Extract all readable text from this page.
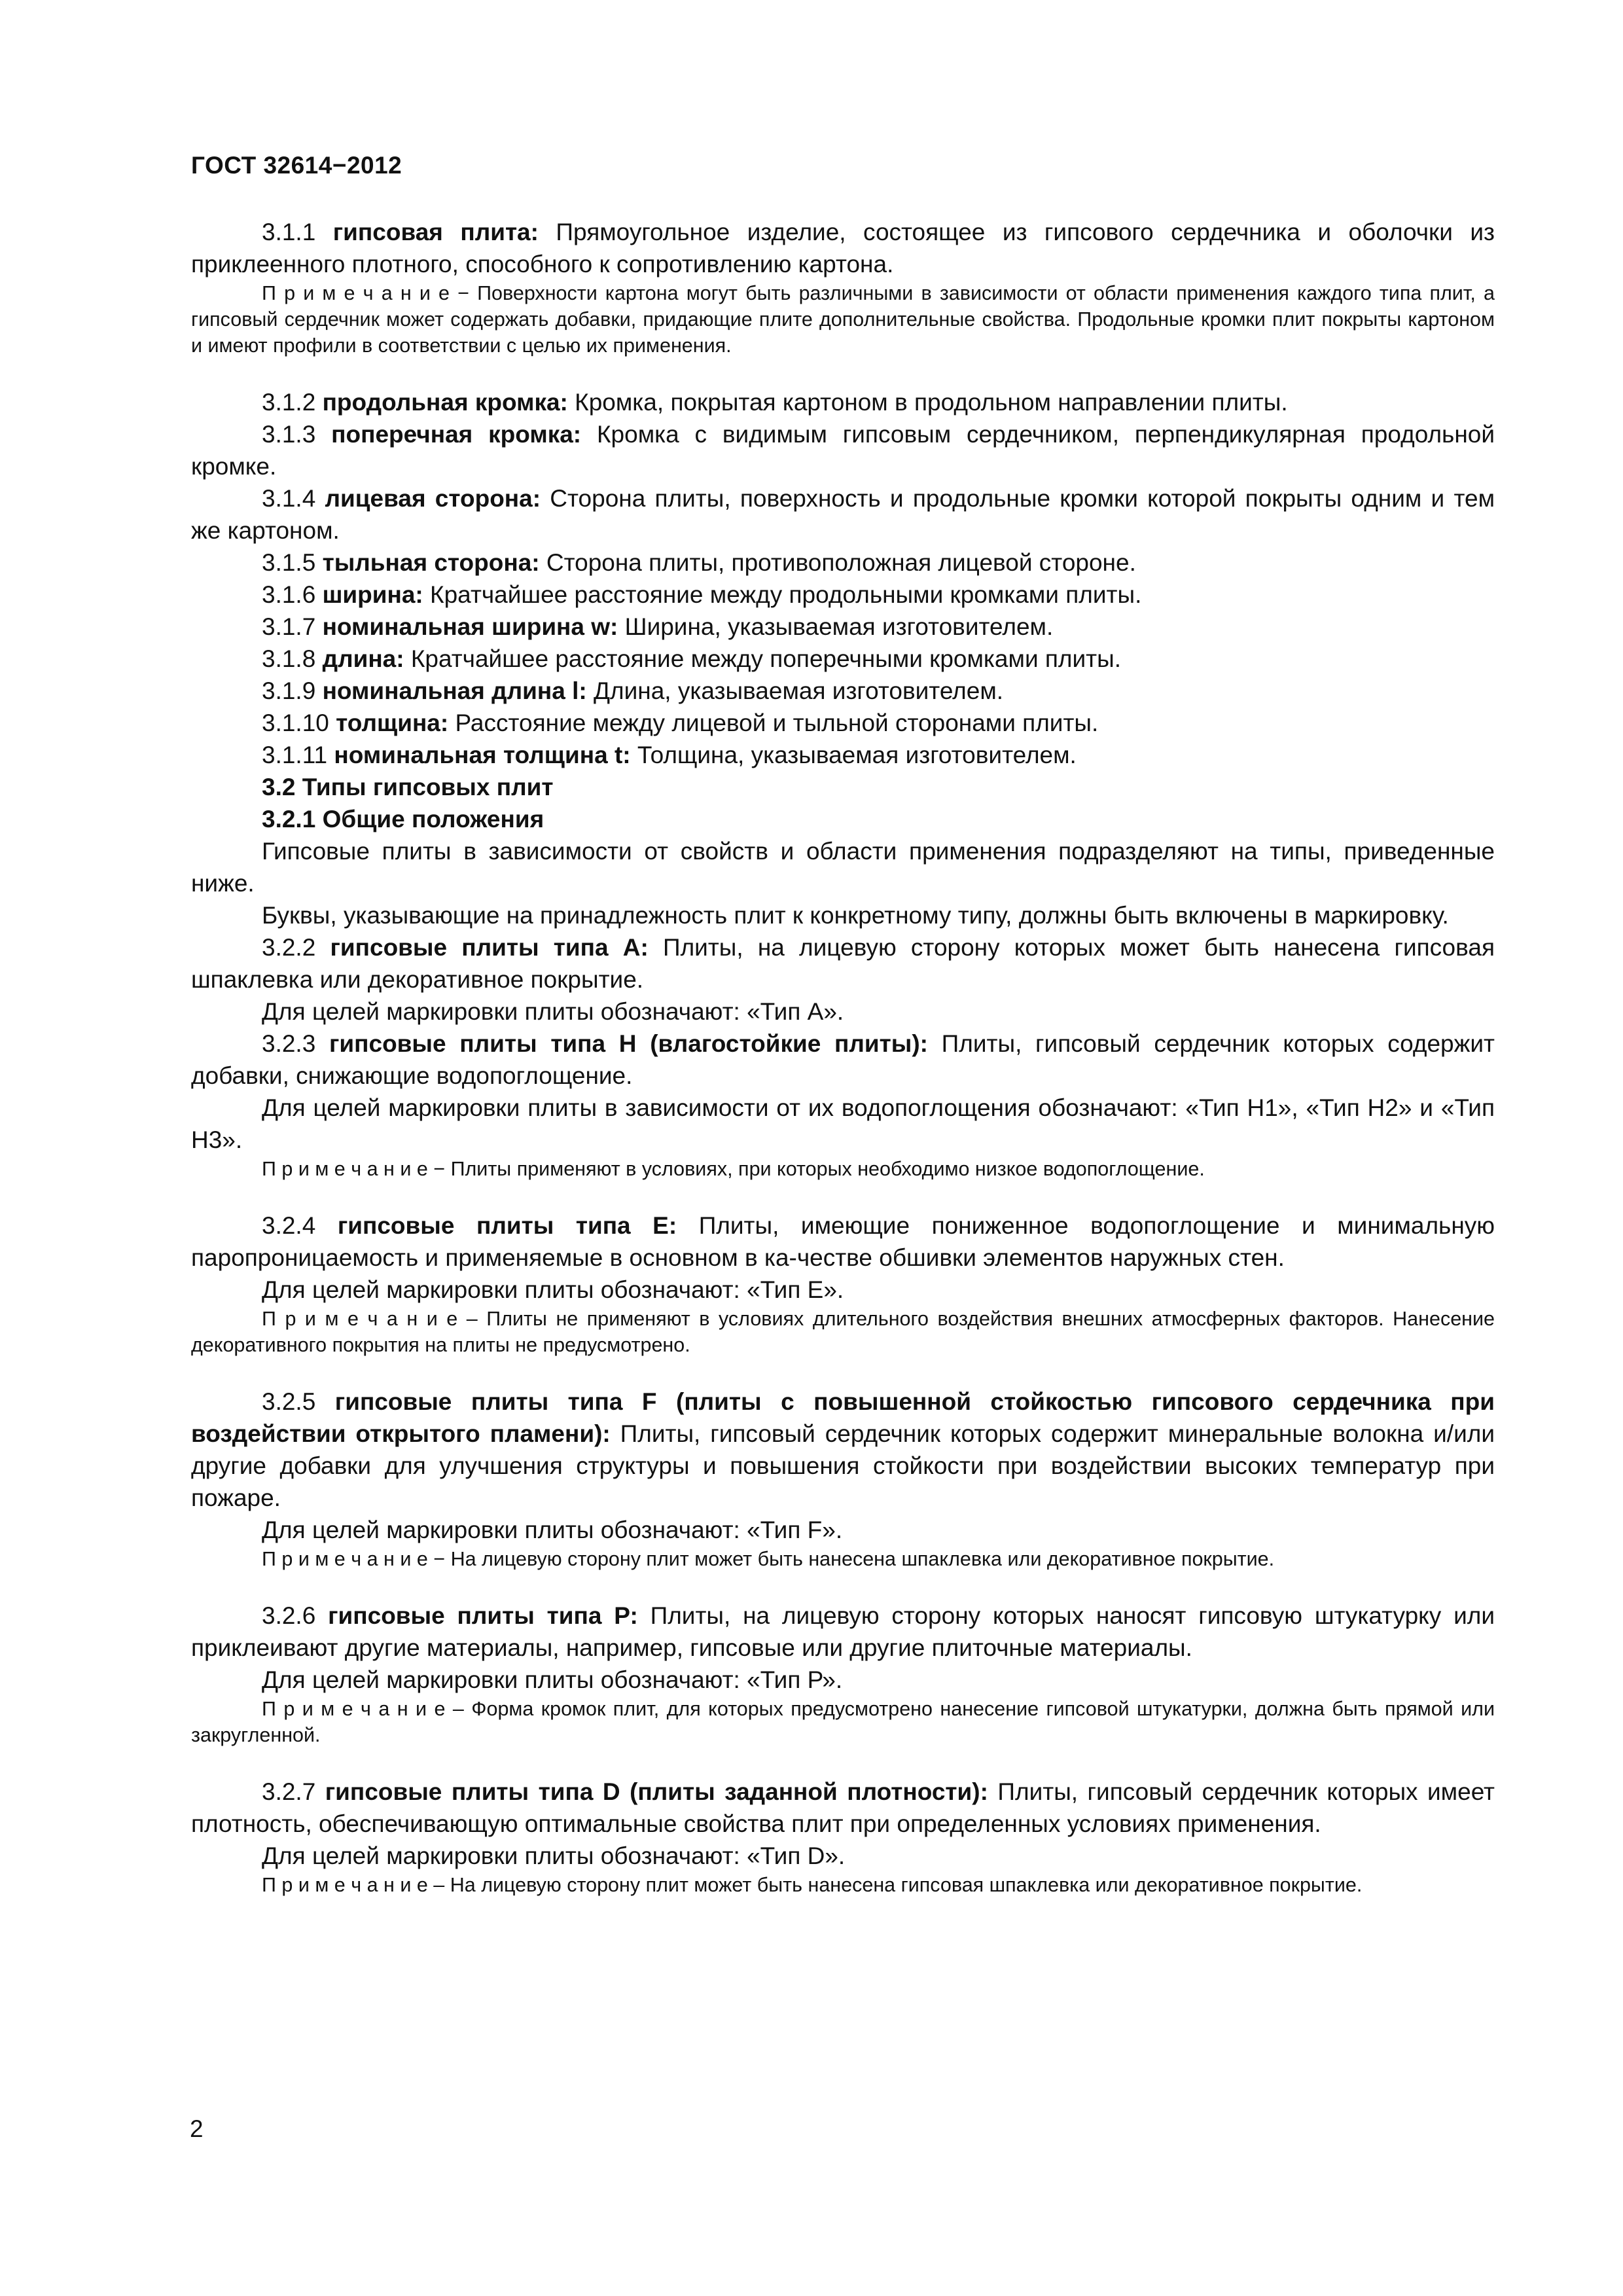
ГОСТ 32614−2012

3.1.1 гипсовая плита: Прямоугольное изделие, состоящее из гипсового сердечника и оболочки из приклеенного плотного, способного к сопротивлению картона.

П р и м е ч а н и е − Поверхности картона могут быть различными в зависимости от области применения каждого типа плит, а гипсовый сердечник может содержать добавки, придающие плите дополнительные свойства. Продольные кромки плит покрыты картоном и имеют профили в соответствии с целью их применения.

3.1.2 продольная кромка: Кромка, покрытая картоном в продольном направлении плиты.

3.1.3 поперечная кромка: Кромка с видимым гипсовым сердечником, перпендикулярная продольной кромке.

3.1.4 лицевая сторона: Сторона плиты, поверхность и продольные кромки которой покрыты одним и тем же картоном.

3.1.5 тыльная сторона: Сторона плиты, противоположная лицевой стороне.

3.1.6 ширина: Кратчайшее расстояние между продольными кромками плиты.

3.1.7 номинальная ширина w: Ширина, указываемая изготовителем.

3.1.8 длина: Кратчайшее расстояние между поперечными кромками плиты.

3.1.9 номинальная длина l: Длина, указываемая изготовителем.

3.1.10 толщина: Расстояние между лицевой и тыльной сторонами плиты.

3.1.11 номинальная толщина t: Толщина, указываемая изготовителем.

3.2 Типы гипсовых плит

3.2.1 Общие положения

Гипсовые плиты в зависимости от свойств и области применения подразделяют на типы, приведенные ниже.

Буквы, указывающие на принадлежность плит к конкретному типу, должны быть включены в маркировку.

3.2.2 гипсовые плиты типа А: Плиты, на лицевую сторону которых может быть нанесена гипсовая шпаклевка или декоративное покрытие.

Для целей маркировки плиты обозначают: «Тип А».

3.2.3 гипсовые плиты типа Н (влагостойкие плиты): Плиты, гипсовый сердечник которых содержит добавки, снижающие водопоглощение.

Для целей маркировки плиты в зависимости от их водопоглощения обозначают: «Тип Н1», «Тип Н2» и «Тип Н3».

П р и м е ч а н и е − Плиты применяют в условиях, при которых необходимо низкое водопоглощение.

3.2.4 гипсовые плиты типа Е: Плиты, имеющие пониженное водопоглощение и минимальную паропроницаемость и применяемые в основном в ка-честве обшивки элементов наружных стен.

Для целей маркировки плиты обозначают: «Тип Е».

П р и м е ч а н и е – Плиты не применяют в условиях длительного воздействия внешних атмосферных факторов. Нанесение декоративного покрытия на плиты не предусмотрено.

3.2.5 гипсовые плиты типа F (плиты с повышенной стойкостью гипсового сердечника при воздействии открытого пламени): Плиты, гипсовый сердечник которых содержит минеральные волокна и/или другие добавки для улучшения структуры и повышения стойкости при воздействии высоких температур при пожаре.

Для целей маркировки плиты обозначают: «Тип F».

П р и м е ч а н и е − На лицевую сторону плит может быть нанесена шпаклевка или декоративное покрытие.

3.2.6 гипсовые плиты типа Р: Плиты, на лицевую сторону которых наносят гипсовую штукатурку или приклеивают другие материалы, например, гипсовые или другие плиточные материалы.

Для целей маркировки плиты обозначают: «Тип Р».

П р и м е ч а н и е – Форма кромок плит, для которых предусмотрено нанесение гипсовой штукатурки, должна быть прямой или закругленной.

3.2.7 гипсовые плиты типа D (плиты заданной плотности): Плиты, гипсовый сердечник которых имеет плотность, обеспечивающую оптимальные свойства плит при определенных условиях применения.

Для целей маркировки плиты обозначают: «Тип D».

П р и м е ч а н и е – На лицевую сторону плит может быть нанесена гипсовая шпаклевка или декоративное покрытие.

2
